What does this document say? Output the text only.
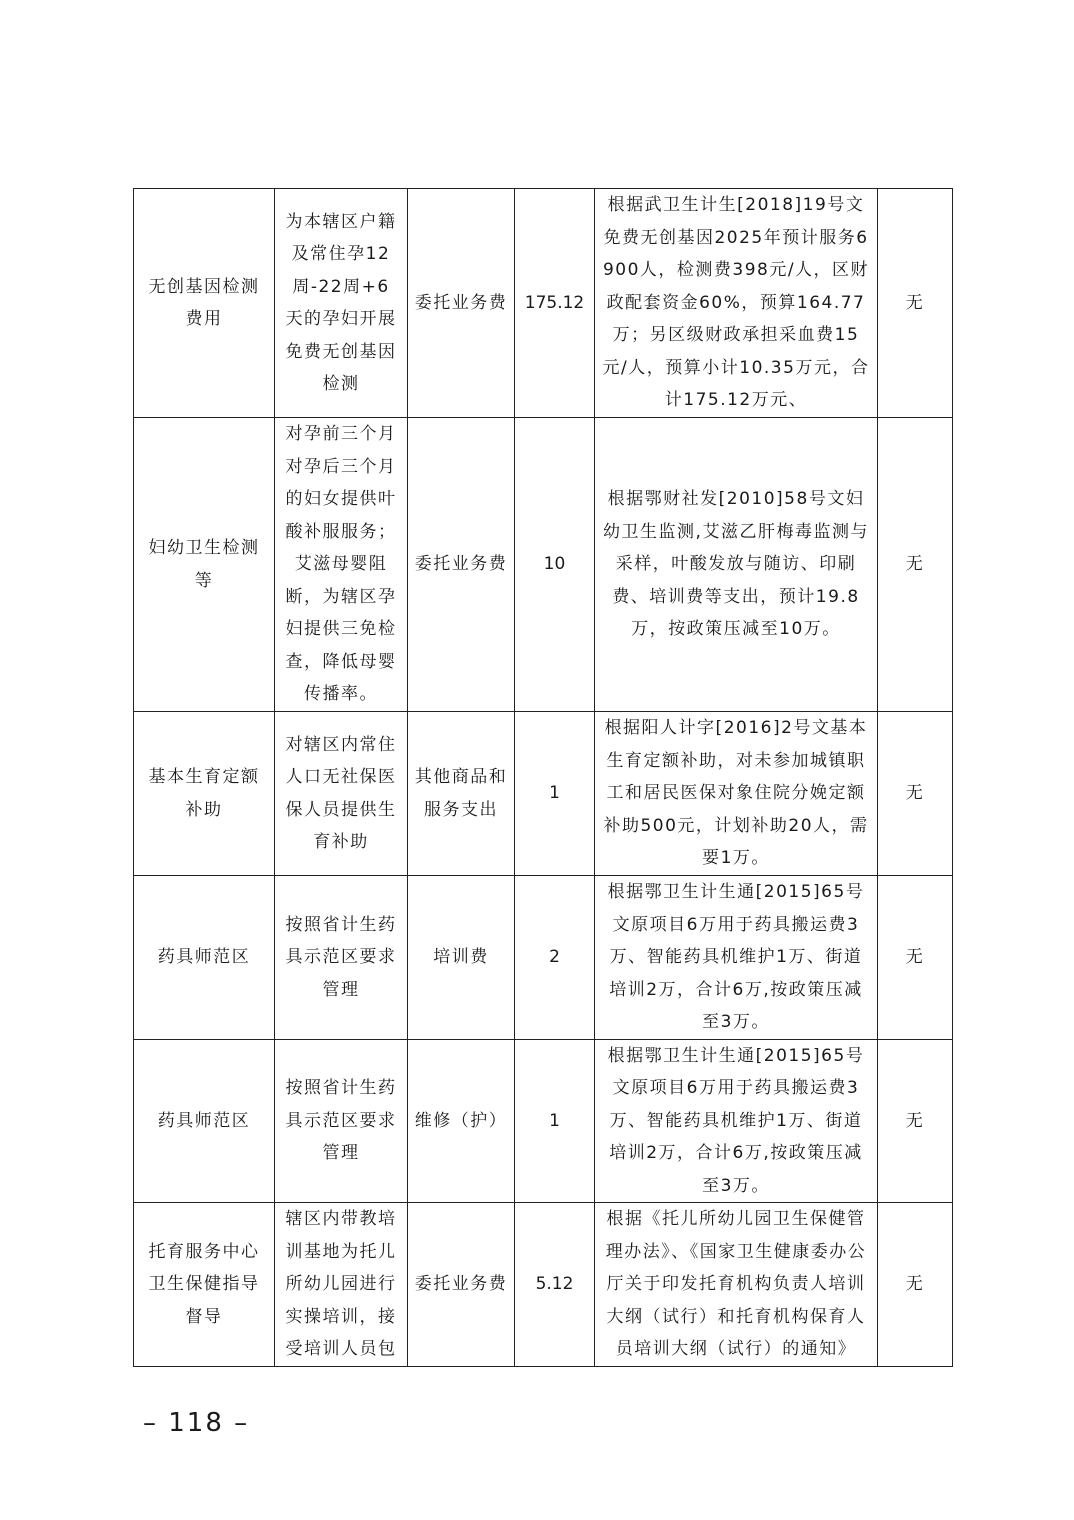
无创基因检测费用	为本辖区户籍及常住孕12周-22周+6天的孕妇开展免费无创基因检测	委托业务费	175.12	根据武卫生计生[2018]19号文免费无创基因2025年预计服务6900人，检测费398元/人，区财政配套资金60%，预算164.77万；另区级财政承担采血费15元/人，预算小计10.35万元，合计175.12万元、	无
妇幼卫生检测等	对孕前三个月对孕后三个月的妇女提供叶酸补服服务；艾滋母婴阻断，为辖区孕妇提供三免检查，降低母婴传播率。	委托业务费	10	根据鄂财社发[2010]58号文妇幼卫生监测,艾滋乙肝梅毒监测与采样，叶酸发放与随访、印刷费、培训费等支出，预计19.8万，按政策压减至10万。	无
基本生育定额补助	对辖区内常住人口无社保医保人员提供生育补助	其他商品和服务支出	1	根据阳人计字[2016]2号文基本生育定额补助，对未参加城镇职工和居民医保对象住院分娩定额补助500元，计划补助20人，需要1万。	无
药具师范区	按照省计生药具示范区要求管理	培训费	2	根据鄂卫生计生通[2015]65号文原项目6万用于药具搬运费3万、智能药具机维护1万、街道培训2万，合计6万,按政策压减至3万。	无
药具师范区	按照省计生药具示范区要求管理	维修（护）	1	根据鄂卫生计生通[2015]65号文原项目6万用于药具搬运费3万、智能药具机维护1万、街道培训2万，合计6万,按政策压减至3万。	无
托育服务中心卫生保健指导督导	辖区内带教培训基地为托儿所幼儿园进行实操培训，接受培训人员包	委托业务费	5.12	根据《托儿所幼儿园卫生保健管理办法》、《国家卫生健康委办公厅关于印发托育机构负责人培训大纲（试行）和托育机构保育人员培训大纲（试行）的通知》	无
– 118 –
